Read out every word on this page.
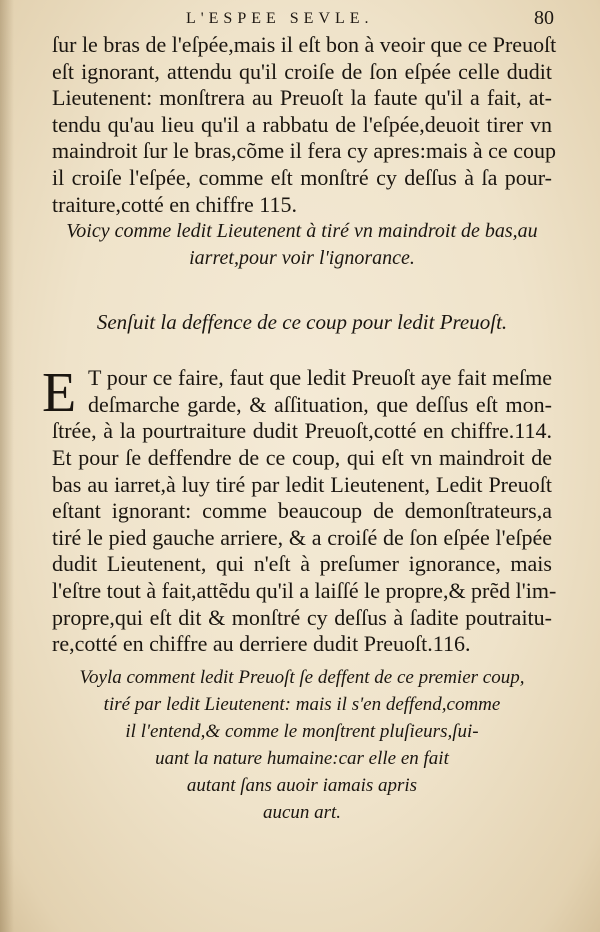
L'ESPEE SEVLE.	80
ſur le bras de l'eſpée,mais il eſt bon à veoir que ce Preuoſt
eſt ignorant, attendu qu'il croiſe de ſon eſpée celle dudit
Lieutenent: monſtrera au Preuoſt la faute qu'il a fait, at-
tendu qu'au lieu qu'il a rabbatu de l'eſpée,deuoit tirer vn
maindroit ſur le bras,cõme il fera cy apres:mais à ce coup
il croiſe l'eſpée, comme eſt monſtré cy deſſus à ſa pour-
traiture,cotté en chiffre 115.
Voicy comme ledit Lieutenent à tiré vn maindroit de bas,au
iarret,pour voir l'ignorance.
Senſuit la deffence de ce coup pour ledit Preuoſt.
E T pour ce faire, faut que ledit Preuoſt aye fait meſme
deſmarche garde, & aſſituation, que deſſus eſt mon-
ſtrée, à la pourtraiture dudit Preuoſt,cotté en chiffre.114.
Et pour ſe deffendre de ce coup, qui eſt vn maindroit de
bas au iarret,à luy tiré par ledit Lieutenent, Ledit Preuoſt
eſtant ignorant: comme beaucoup de demonſtrateurs,a
tiré le pied gauche arriere, & a croiſé de ſon eſpée l'eſpée
dudit Lieutenent, qui n'eſt à preſumer ignorance, mais
l'eſtre tout à fait,attẽdu qu'il a laiſſé le propre,& prẽd l'im-
propre,qui eſt dit & monſtré cy deſſus à ſadite poutraitu-
re,cotté en chiffre au derriere dudit Preuoſt.116.
Voyla comment ledit Preuoſt ſe deffent de ce premier coup,
tiré par ledit Lieutenent: mais il s'en deffend,comme
il l'entend,& comme le monſtrent pluſieurs,ſui-
uant la nature humaine:car elle en fait
autant ſans auoir iamais apris
aucun art.
